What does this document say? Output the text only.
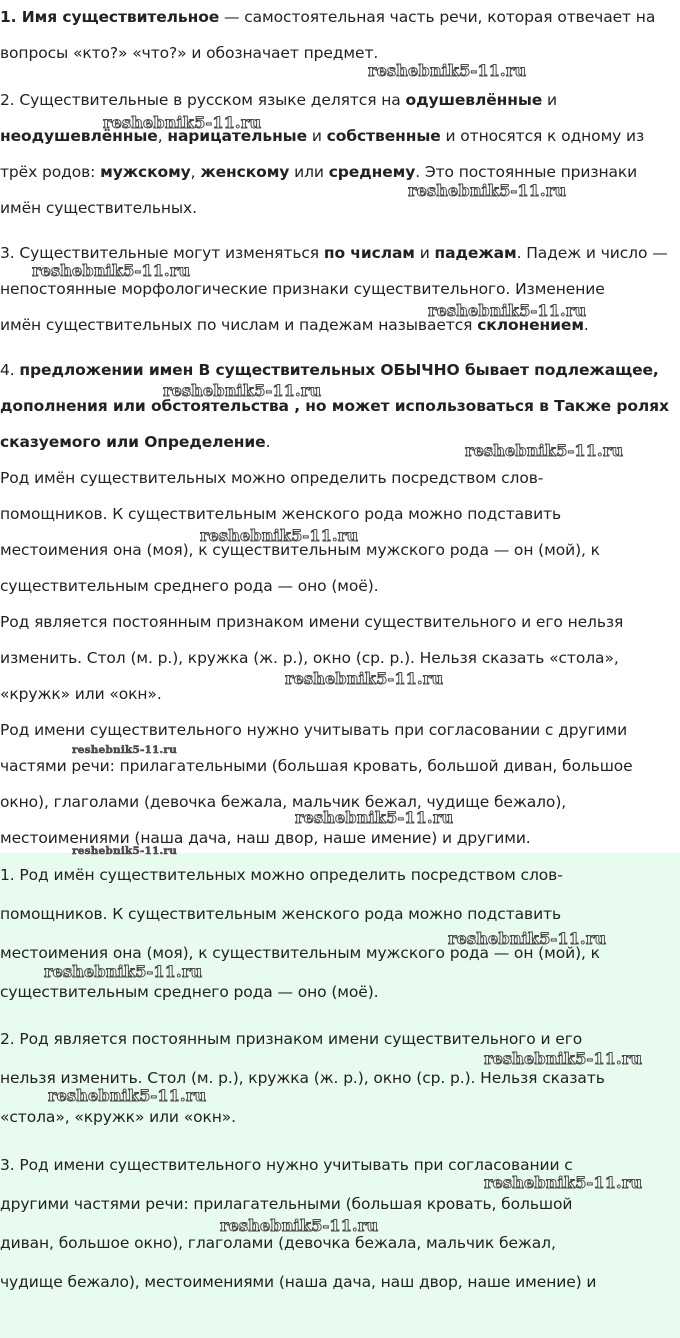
1. Имя существительное — самостоятельная часть речи, которая отвечает на
вопросы «кто?» «что?» и обозначает предмет.
2. Существительные в русском языке делятся на одушевлённые и
неодушевлённые, нарицательные и собственные и относятся к одному из
трёх родов: мужскому, женскому или среднему. Это постоянные признаки
имён существительных.
3. Существительные могут изменяться по числам и падежам. Падеж и число —
непостоянные морфологические признаки существительного. Изменение
имён существительных по числам и падежам называется склонением.
4. предложении имен В существительных ОБЫЧНО бывает подлежащее,
дополнения или обстоятельства , но может использоваться в Также ролях
сказуемого или Определение.
Род имён существительных можно определить посредством слов-
помощников. К существительным женского рода можно подставить
местоимения она (моя), к существительным мужского рода — он (мой), к
существительным среднего рода — оно (моё).
Род является постоянным признаком имени существительного и его нельзя
изменить. Стол (м. р.), кружка (ж. р.), окно (ср. р.). Нельзя сказать «стола»,
«кружк» или «окн».
Род имени существительного нужно учитывать при согласовании с другими
частями речи: прилагательными (большая кровать, большой диван, большое
окно), глаголами (девочка бежала, мальчик бежал, чудище бежало),
местоимениями (наша дача, наш двор, наше имение) и другими.
1. Род имён существительных можно определить посредством слов-
помощников. К существительным женского рода можно подставить
местоимения она (моя), к существительным мужского рода — он (мой), к
существительным среднего рода — оно (моё).
2. Род является постоянным признаком имени существительного и его
нельзя изменить. Стол (м. р.), кружка (ж. р.), окно (ср. р.). Нельзя сказать
«стола», «кружк» или «окн».
3. Род имени существительного нужно учитывать при согласовании с
другими частями речи: прилагательными (большая кровать, большой
диван, большое окно), глаголами (девочка бежала, мальчик бежал,
чудище бежало), местоимениями (наша дача, наш двор, наше имение) и
reshebnik5-11.ru
reshebnik5-11.ru
reshebnik5-11.ru
reshebnik5-11.ru
reshebnik5-11.ru
reshebnik5-11.ru
reshebnik5-11.ru
reshebnik5-11.ru
reshebnik5-11.ru
reshebnik5-11.ru
reshebnik5-11.ru
reshebnik5-11.ru
reshebnik5-11.ru
reshebnik5-11.ru
reshebnik5-11.ru
reshebnik5-11.ru
reshebnik5-11.ru
reshebnik5-11.ru
